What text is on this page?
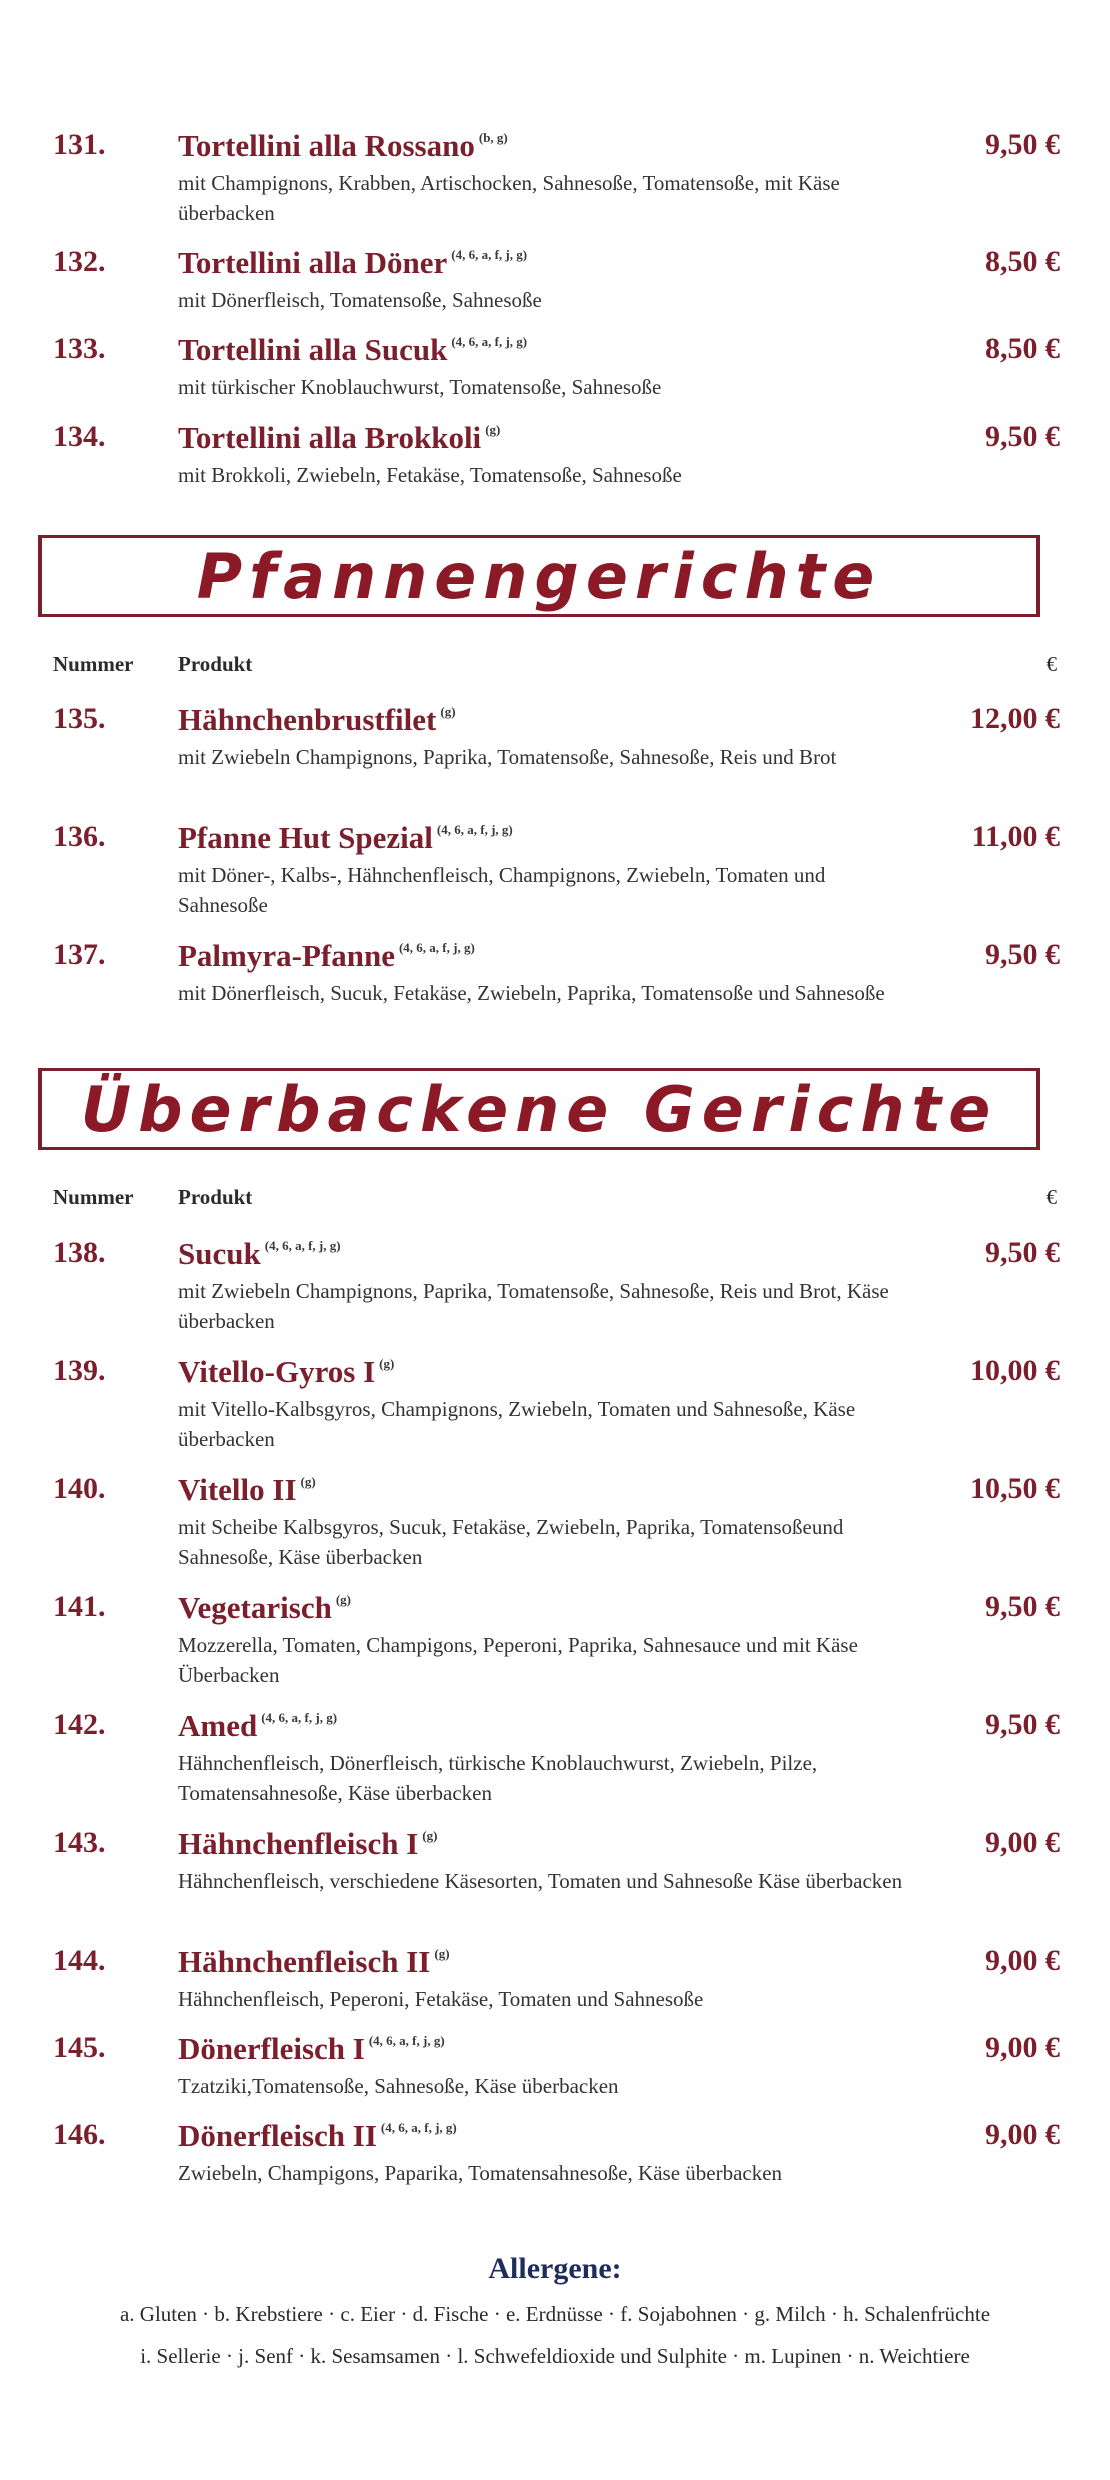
131. Tortellini alla Rossano $^{(b, g)}$	9,50 €
mit Champignons, Krabben, Artischocken, Sahnesoße, Tomatensoße, mit Käse überbacken
132. Tortellini alla Döner $^{(4, 6, a, f, j, g)}$	8,50 €
mit Dönerfleisch, Tomatensoße, Sahnesoße
133. Tortellini alla Sucuk $^{(4, 6, a, f, j, g)}$	8,50 €
mit türkischer Knoblauchwurst, Tomatensoße, Sahnesoße
134. Tortellini alla Brokkoli $^{(g)}$	9,50 €
mit Brokkoli, Zwiebeln, Fetakäse, Tomatensoße, Sahnesoße
Pfannengerichte
Nummer Produkt	€
135. Hähnchenbrustfilet $^{(g)}$	12,00 €
mit Zwiebeln Champignons, Paprika, Tomatensoße, Sahnesoße, Reis und Brot
136. Pfanne Hut Spezial $^{(4, 6, a, f, j, g)}$	11,00 €
mit Döner-, Kalbs-, Hähnchenfleisch, Champignons, Zwiebeln, Tomaten und Sahnesoße
137. Palmyra-Pfanne $^{(4, 6, a, f, j, g)}$	9,50 €
mit Dönerfleisch, Sucuk, Fetakäse, Zwiebeln, Paprika, Tomatensoße und Sahnesoße
Überbackene Gerichte
Nummer Produkt	€
138. Sucuk $^{(4, 6, a, f, j, g)}$	9,50 €
mit Zwiebeln Champignons, Paprika, Tomatensoße, Sahnesoße, Reis und Brot, Käse überbacken
139. Vitello-Gyros I $^{(g)}$	10,00 €
mit Vitello-Kalbsgyros, Champignons, Zwiebeln, Tomaten und Sahnesoße, Käse überbacken
140. Vitello II $^{(g)}$	10,50 €
mit Scheibe Kalbsgyros, Sucuk, Fetakäse, Zwiebeln, Paprika, Tomatensoßeund Sahnesoße, Käse überbacken
141. Vegetarisch $^{(g)}$	9,50 €
Mozzerella, Tomaten, Champigons, Peperoni, Paprika, Sahnesauce und mit Käse Überbacken
142. Amed $^{(4, 6, a, f, j, g)}$	9,50 €
Hähnchenfleisch, Dönerfleisch, türkische Knoblauchwurst, Zwiebeln, Pilze, Tomatensahnesoße, Käse überbacken
143. Hähnchenfleisch I $^{(g)}$	9,00 €
Hähnchenfleisch, verschiedene Käsesorten, Tomaten und Sahnesoße Käse überbacken
144. Hähnchenfleisch II $^{(g)}$	9,00 €
Hähnchenfleisch, Peperoni, Fetakäse, Tomaten und Sahnesoße
145. Dönerfleisch I $^{(4, 6, a, f, j, g)}$	9,00 €
Tzatziki,Tomatensoße, Sahnesoße, Käse überbacken
146. Dönerfleisch II $^{(4, 6, a, f, j, g)}$	9,00 €
Zwiebeln, Champigons, Paparika, Tomatensahnesoße, Käse überbacken
Allergene:
a. Gluten · b. Krebstiere · c. Eier · d. Fische · e. Erdnüsse · f. Sojabohnen · g. Milch · h. Schalenfrüchte
i. Sellerie · j. Senf · k. Sesamsamen · l. Schwefeldioxide und Sulphite · m. Lupinen · n. Weichtiere
